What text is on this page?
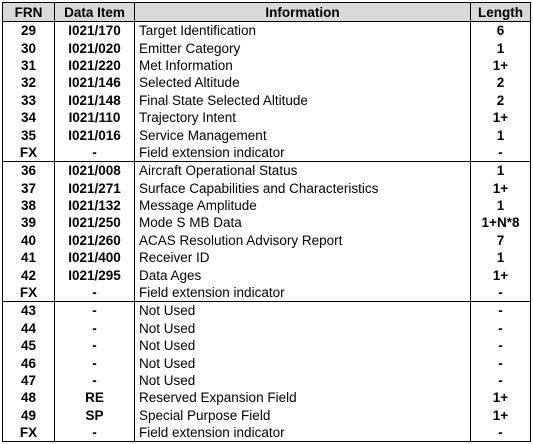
FRN	Data Item	Information	Length
29	I021/170	Target Identification	6
30	I021/020	Emitter Category	1
31	I021/220	Met Information	1+
32	I021/146	Selected Altitude	2
33	I021/148	Final State Selected Altitude	2
34	I021/110	Trajectory Intent	1+
35	I021/016	Service Management	1
FX	-	Field extension indicator	-
36	I021/008	Aircraft Operational Status	1
37	I021/271	Surface Capabilities and Characteristics	1+
38	I021/132	Message Amplitude	1
39	I021/250	Mode S MB Data	1+N*8
40	I021/260	ACAS Resolution Advisory Report	7
41	I021/400	Receiver ID	1
42	I021/295	Data Ages	1+
FX	-	Field extension indicator	-
43	-	Not Used	-
44	-	Not Used	-
45	-	Not Used	-
46	-	Not Used	-
47	-	Not Used	-
48	RE	Reserved Expansion Field	1+
49	SP	Special Purpose Field	1+
FX	-	Field extension indicator	-
